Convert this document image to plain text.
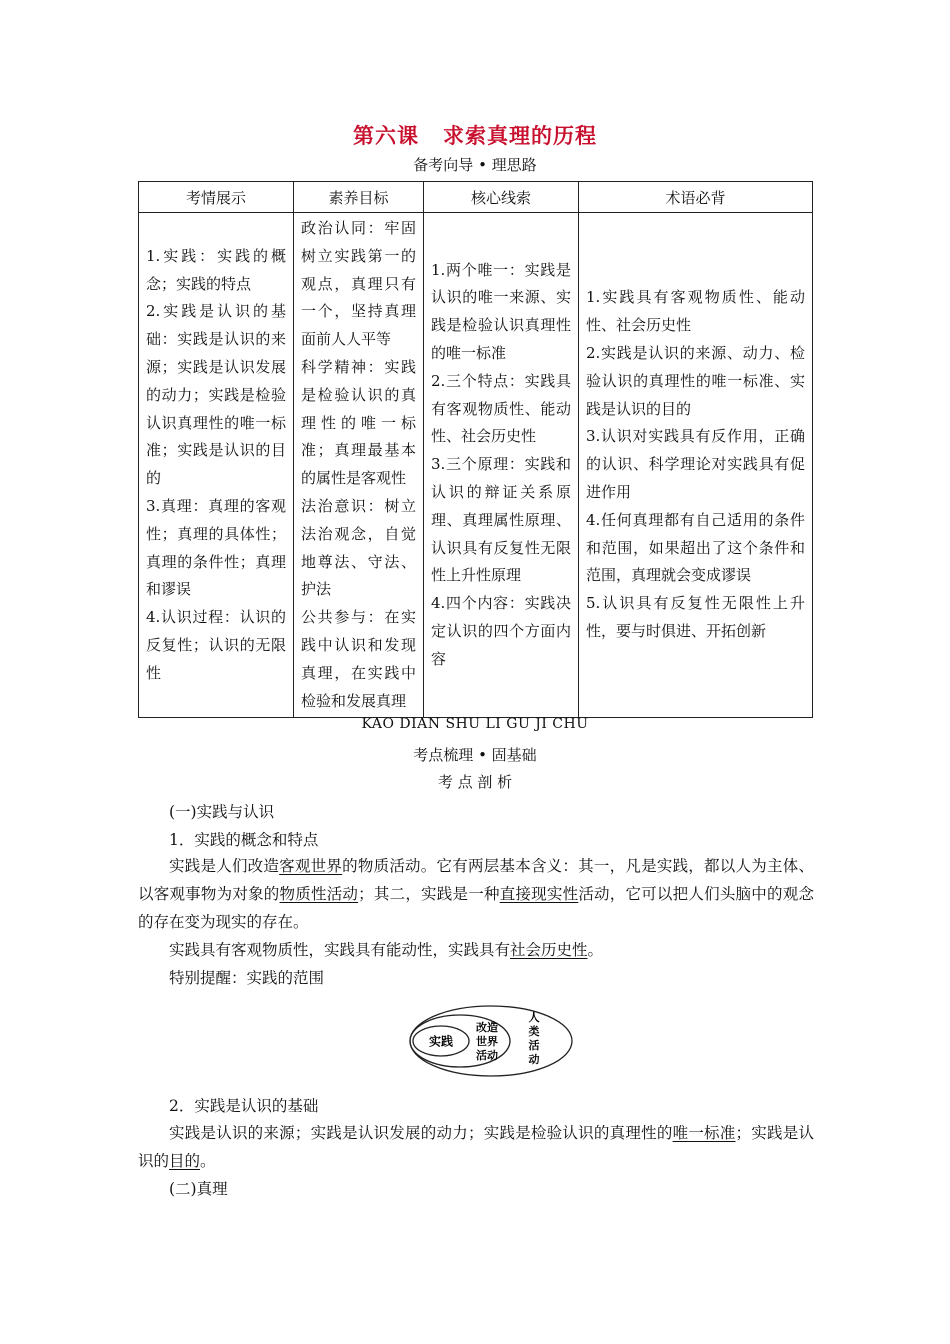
第六课 求索真理的历程
备考向导 • 理思路
考情展示	素养目标	核心线索	术语必背

1.实践：实践的概念；实践的特点
2.实践是认识的基础：实践是认识的来源；实践是认识发展的动力；实践是检验认识真理性的唯一标准；实践是认识的目的
3.真理：真理的客观性；真理的具体性；真理的条件性；真理和谬误
4.认识过程：认识的反复性；认识的无限性	政治认同：牢固树立实践第一的观点，真理只有一个，坚持真理面前人人平等
科学精神：实践是检验认识的真理性的唯一标准；真理最基本的属性是客观性
法治意识：树立法治观念，自觉地尊法、守法、护法
公共参与：在实践中认识和发现真理，在实践中检验和发展真理	1.两个唯一：实践是认识的唯一来源、实践是检验认识真理性的唯一标准
2.三个特点：实践具有客观物质性、能动性、社会历史性
3.三个原理：实践和认识的辩证关系原理、真理属性原理、认识具有反复性无限性上升性原理
4.四个内容：实践决定认识的四个方面内容	1.实践具有客观物质性、能动性、社会历史性
2.实践是认识的来源、动力、检验认识的真理性的唯一标准、实践是认识的目的
3.认识对实践具有反作用，正确的认识、科学理论对实践具有促进作用
4.任何真理都有自己适用的条件和范围，如果超出了这个条件和范围，真理就会变成谬误
5.认识具有反复性无限性上升性，要与时俱进、开拓创新
KAO DIAN SHU LI GU JI CHU
考点梳理 • 固基础
考 点 剖 析
(一)实践与认识
1．实践的概念和特点
实践是人们改造客观世界的物质活动。它有两层基本含义：其一，凡是实践，都以人为主体、以客观事物为对象的物质性活动；其二，实践是一种直接现实性活动，它可以把人们头脑中的观念的存在变为现实的存在。
实践具有客观物质性，实践具有能动性，实践具有社会历史性。
特别提醒：实践的范围
实践
改造
世界
活动
人
类
活
动
2．实践是认识的基础
实践是认识的来源；实践是认识发展的动力；实践是检验认识的真理性的唯一标准；实践是认识的目的。
(二)真理
